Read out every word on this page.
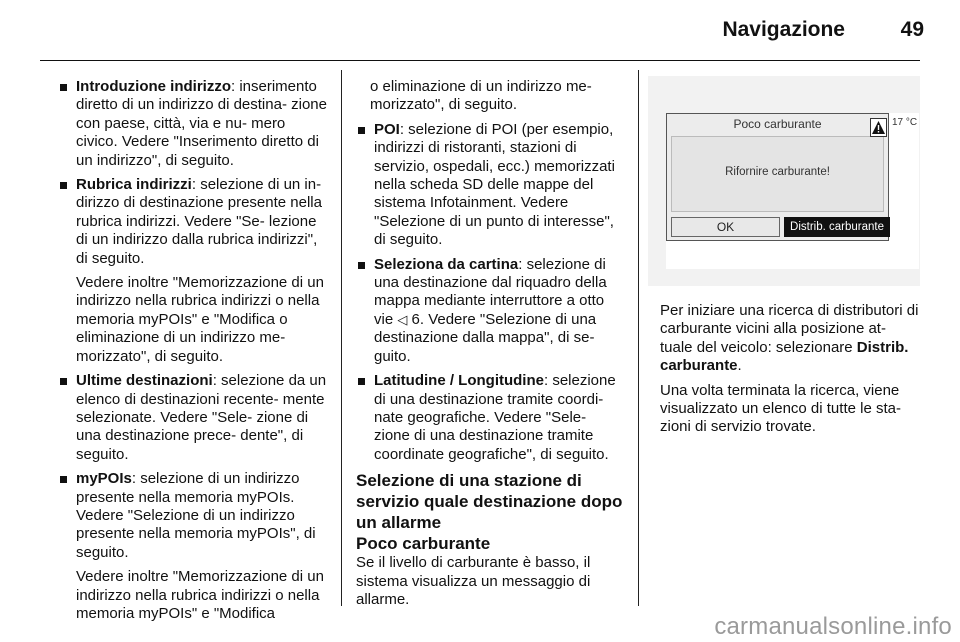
Navigazione	49

Introduzione indirizzo: inserimento diretto di un indirizzo di destina- zione con paese, città, via e nu- mero civico. Vedere "Inserimento diretto di un indirizzo", di seguito.

Rubrica indirizzi: selezione di un in- dirizzo di destinazione presente nella rubrica indirizzi. Vedere "Se- lezione di un indirizzo dalla rubrica indirizzi", di seguito.

Vedere inoltre "Memorizzazione di un indirizzo nella rubrica indirizzi o nella memoria myPOIs" e "Modifica o eliminazione di un indirizzo me- morizzato", di seguito.

Ultime destinazioni: selezione da un elenco di destinazioni recente- mente selezionate. Vedere "Sele- zione di una destinazione prece- dente", di seguito.

myPOIs: selezione di un indirizzo presente nella memoria myPOIs. Vedere "Selezione di un indirizzo presente nella memoria myPOIs", di seguito.

Vedere inoltre "Memorizzazione di un indirizzo nella rubrica indirizzi o nella memoria myPOIs" e "Modifica

o eliminazione di un indirizzo me- morizzato", di seguito.

POI: selezione di POI (per esempio, indirizzi di ristoranti, stazioni di servizio, ospedali, ecc.) memorizzati nella scheda SD delle mappe del sistema Infotainment. Vedere "Selezione di un punto di interesse", di seguito.

Seleziona da cartina: selezione di una destinazione dal riquadro della mappa mediante interruttore a otto vie ◁ 6. Vedere "Selezione di una destinazione dalla mappa", di se- guito.

Latitudine / Longitudine: selezione di una destinazione tramite coordi- nate geografiche. Vedere "Sele- zione di una destinazione tramite coordinate geografiche", di seguito.

Selezione di una stazione di servizio quale destinazione dopo un allarme

Poco carburante

Se il livello di carburante è basso, il sistema visualizza un messaggio di allarme.

Poco carburante
Rifornire carburante!
OK	Distrib. carburante
17 °C

Per iniziare una ricerca di distributori di carburante vicini alla posizione at- tuale del veicolo: selezionare Distrib. carburante.

Una volta terminata la ricerca, viene visualizzato un elenco di tutte le sta- zioni di servizio trovate.

carmanualsonline.info
